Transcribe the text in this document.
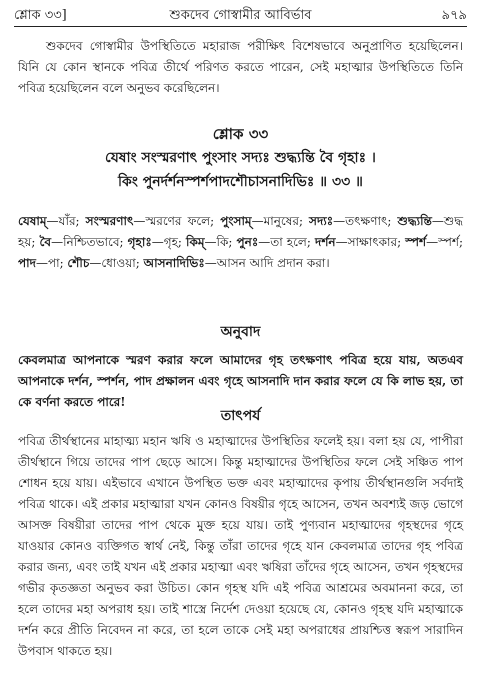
শ্লোক ৩৩]	শুকদেব গোস্বামীর আবির্ভাব	৯৭৯

শুকদেব গোস্বামীর উপস্থিতিতে মহারাজ পরীক্ষিৎ বিশেষভাবে অনুপ্রাণিত হয়েছিলেন। যিনি যে কোন স্থানকে পবিত্র তীর্থে পরিণত করতে পারেন, সেই মহাত্মার উপস্থিতিতে তিনি পবিত্র হয়েছিলেন বলে অনুভব করেছিলেন।

শ্লোক ৩৩

যেষাং সংস্মরণাৎ পুংসাং সদ্যঃ শুদ্ধ্যন্তি বৈ গৃহাঃ ।

কিং পুনর্দর্শনস্পর্শপাদশৌচাসনাদিভিঃ ॥ ৩৩ ॥

যেষাম্—যাঁর; সংস্মরণাৎ—স্মরণের ফলে; পুংসাম্—মানুষের; সদ্যঃ—তৎক্ষণাৎ; শুদ্ধ্যন্তি—শুদ্ধ হয়; বৈ—নিশ্চিতভাবে; গৃহাঃ—গৃহ; কিম্—কি; পুনঃ—তা হলে; দর্শন—সাক্ষাৎকার; স্পর্শ—স্পর্শ; পাদ—পা; শৌচ—ধোওয়া; আসনাদিভিঃ—আসন আদি প্রদান করা।

অনুবাদ

কেবলমাত্র আপনাকে স্মরণ করার ফলে আমাদের গৃহ তৎক্ষণাৎ পবিত্র হয়ে যায়, অতএব আপনাকে দর্শন, স্পর্শন, পাদ প্রক্ষালন এবং গৃহে আসনাদি দান করার ফলে যে কি লাভ হয়, তা কে বর্ণনা করতে পারে!

তাৎপর্য

পবিত্র তীর্থস্থানের মাহাত্ম্য মহান ঋষি ও মহাত্মাদের উপস্থিতির ফলেই হয়। বলা হয় যে, পাপীরা তীর্থস্থানে গিয়ে তাদের পাপ ছেড়ে আসে। কিন্তু মহাত্মাদের উপস্থিতির ফলে সেই সঞ্চিত পাপ শোধন হয়ে যায়। এইভাবে এখানে উপস্থিত ভক্ত এবং মহাত্মাদের কৃপায় তীর্থস্থানগুলি সর্বদাই পবিত্র থাকে। এই প্রকার মহাত্মারা যখন কোনও বিষয়ীর গৃহে আসেন, তখন অবশ্যই জড় ভোগে আসক্ত বিষয়ীরা তাদের পাপ থেকে মুক্ত হয়ে যায়। তাই পুণ্যবান মহাত্মাদের গৃহস্থদের গৃহে যাওয়ার কোনও ব্যক্তিগত স্বার্থ নেই, কিন্তু তাঁরা তাদের গৃহে যান কেবলমাত্র তাদের গৃহ পবিত্র করার জন্য, এবং তাই যখন এই প্রকার মহাত্মা এবং ঋষিরা তাঁদের গৃহে আসেন, তখন গৃহস্থদের গভীর কৃতজ্ঞতা অনুভব করা উচিত। কোন গৃহস্থ যদি এই পবিত্র আশ্রমের অবমাননা করে, তা হলে তাদের মহা অপরাধ হয়। তাই শাস্ত্রে নির্দেশ দেওয়া হয়েছে যে, কোনও গৃহস্থ যদি মহাত্মাকে দর্শন করে প্রীতি নিবেদন না করে, তা হলে তাকে সেই মহা অপরাধের প্রায়শ্চিত্ত স্বরূপ সারাদিন উপবাস থাকতে হয়।
